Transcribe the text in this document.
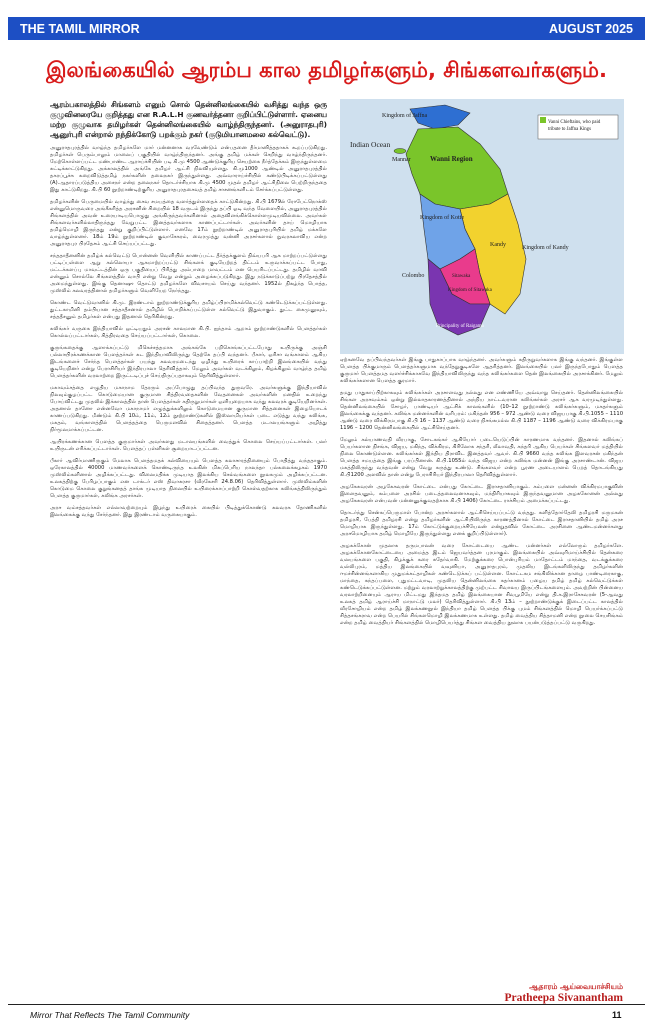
THE TAMIL MIRROR	AUGUST 2025
இலங்கையில் ஆரம்ப கால தமிழர்களும், சிங்களவர்களும்.

ஆரம்பகாலத்தில் சிங்களம் எனும் சொல் தென்னிலங்கையில் வசித்து வந்த ஒரு குழுவினரையே குறித்தது என R.A.L.H குணவர்த்தனா குறிப்பிட்டுள்ளார். ஏனைய மற்ற குழுவாக தமிழர்கள் தென்னிலங்கையில் வாழ்ந்திருந்தனர். (அனுராதபுரி) ஆனுர்புரி என்றால் நந்திக்கோடு பறக்கும் நகர் (குடுமியானமலை கல்வெட்டு).

அனுராதபுரத்தில் வாழ்ந்த தமிழர்களே மார் மன்னனாக வரவேண்டும் என்பதனை தீர்மானித்ததாகக் கூறப்படுகிறது. தமிழர்கள் பெரும்பாலும் மாலைப் பகுதியில் வாழ்ந்திருந்தனர். அங்கு தமிழ் மக்கள் செறிந்து வாழ்ந்திருந்தனர். மேற்கொள்ளப்பட்ட மண்பாண்ட ஆராய்ச்சியின் படி கி.மு 4500 ஆண்டுக்குரிய செயற்கை நீர்த்தேக்கம் இருந்துள்ளமை சுட்டிக்காட்டுகிறது. அக்காலத்தில் அங்கே தமிழர் ஆட்சி நிலவியுள்ளது. கி.மு1000 ஆண்டில் அனுராதபுரத்தில் தகரப்பூச்சு கறைவிடுத்தமிழ் நகர்களின் தலைநகர் இருந்துள்ளது. அவ்வாராய்ச்சியில் கண்டுபிடிக்கப்பட்டுள்ளது (A).ஆதாரப்படுத்திய அசைநர் என்ற தலைநகர் தொடர்ச்சியாக கி.மு 4500 முதல் தமிழர் ஆட்சிநிலை பெற்றிருந்ததை இது காட்டுகிறது. கி.பி 60 நூற்றாண்டிற்குரிய அனுராதபுரதசைவத் தமிழ் சாசனங்களிடம் சேர்க்கப்பட்டுள்ளது.

தமிழர்களின் பெருமையில் வாழ்ந்து சைவ சமயத்தை வளர்த்துள்ளதைக் காட்டுகின்றது. கி.பி 1679ல் ரோபேட்நொக்ஸ் என்னுமொருவரை அங்கீகரித்த அரசனின் சிறையில் 18 வருடம் இருந்து தப்பி ஓடி வந்த வேளையில், அனுராதபுரத்தில் சிங்களத்தில் அவன் உரையாடியபொழுது அங்கிருந்தவர்களினால் அதைவிளங்கிக்கொள்ளமுடியவில்லை. அவர்கள் சிங்களவர்களில்லாதிருந்தது வேறுபட்ட இனத்தவர்களாக காணப்பட்டார்கள். அவர்களின் தாய் மொழியாக தமிழ்மொழி இருந்தது என்று குறிப்பிட்டுள்ளார். எனவே 17ம் நூற்றாண்டில் அனுராதபுரியில் தமிழ் மக்களே வாழ்ந்துள்ளனர். 18ம் 19ம் நூற்றாண்டில் குவாசேகரம், வைரமுத்து வன்னி அரசர்களால் நுவரகலாவிய என்ற அனுராதபுர பிரதேசம் ஆட்சி செய்யப்பட்டது.

சந்ததாதீனனின் தமிழ்க் கல்வெட்டு பொன்னன் வெளியில் காணப்பட்ட தீர்த்தக்குளம் திவ்யபரி ஆக மாற்றப்பட்டுள்ளது பட்டிப்பள்ளை ஆறு கல்லொயா ஆகமாற்றப்பட்டு சிங்களக் குடியேற்றத் திட்டம் உருவாக்கப்பட்ட போது, மட்டக்களப்பு மாவட்டத்தின் ஒரு பகுதியைப் பிரித்து அம்பாறை மாவட்டம் என பெயரிடப்பட்டது. தமிழில் வாவி என்னும் சொல்லே சிங்களத்தில் வாபி என்று வேறு என்றும் அழைக்கப்படுகிறது. இது நடுக்காடுப்பற்று பிரதேசத்தில் அமைந்துள்ளது. இங்கு தெனாஷு தொட்டு தமிழர்களே விவசாயம் செய்து வந்தனர். 1952ல் நிகழ்ந்த பொத்த, முஸ்லிம் கலவரத்தினால் தமிழர்களும் வெளியேற நேர்ந்தது.

கொண்ட வெட்டுவானில் கி.மு. இரண்டாம் நூற்றாண்டுக்குரிய தமிழ்ப்பிராமிக்கல்வெட்டு கண்டெடுக்கப்பட்டுள்ளது. துட்டகாமினி தம்பியான சத்தாதீசனால் தமிழில் பொறிக்கப்பட்டுள்ள கல்வெட்டு இதுவாகும். துட்ட கைமுனுவும், சத்ததீசனும் தமிழர்கள் என்பது இதனால் தெரிகின்றது.

கலிங்கர் வருகை இந்தியாவில் ஒட்டியதும் அரசன் காலமான கி.பி. ஐந்தாம் ஆறாம் நூற்றாண்டுகளில் பௌத்தர்கள் கொல்லப்பட்டார்கள், சித்திரவதை செய்யப்பட்டார்கள், கொலை.

குருங்கதைக்கு ஆளாக்கப்பட்டு மிகெச்சத்தமாக அங்கங்கே பறிகொங்கப்பட்டபோது உயிருக்கு அஞ்சி பல்லாயிரக்கணக்கான பௌத்தர்கள் கட இந்தியாவிலிருந்து தெற்கே தப்பி வந்தனர். பீகார், ஒரிசா வங்காளம் ஆகிய இடங்களைச் சேர்ந்த பௌத்தர்கள் பயந்து கலவரமடைந்து ஒழிந்து உயிரைக் காப்பாற்றி இலங்கையில் வந்து குடியேறினர் என்று பேராசிரியர் இந்திரபாலா தெரிவித்தார். மேலும் அவர்கள் வடக்கிலும், கிழக்கிலும் வாழ்ந்த தமிழ் பௌத்தர்களின் வரலாற்றை இருட்டடிப்புச் செய்திருப்பதாகவும் தெரிவித்துள்ளார்.

மகாவம்சத்தை எழுதிய மகாநாம தேரரும் அப்போழுது தப்பிவந்த துருவரே. அவர்களுக்கு இந்தியாவில் நிலவும்குழப்பட்ட கொடுமையான குருமான சித்திரவதைகளின் வேதனைகள் அவர்களின் மனதில் உறைந்து போய்விட்டது முதலில் இக்காலத்தில் தான் பௌத்தர்கள் கதிருறுமார்கள் ஒளியுறையாக வந்து கலவரக் குடியேறினர்கள். அதனால் தானோ என்னவோ மகாநாமர் எழுத்துக்களிலும் கொடுமையான குருமான சித்தனைகள் இழையோடக் காணப்படுகிறது. மீண்டும் கி.பி 10ம், 11ம், 12ம் நூற்றாண்டுகளில் இஸ்லாமியர்கள் படை எடுத்து வந்து கலிங்க, மகதம், வங்காளத்தில் பௌத்தத்தை பெருமளவில் சிதைத்தனர். பௌத்த மடாலயங்களும் அழித்து நிர்மூலமாக்கப்பட்டன.

ஆயிரக்கணக்கான பௌத்த குருமார்கள் அவர்களது மடாலயங்களில் வைத்துக் கொலை செய்யப்பட்டார்கள். பலர் உயிருடன் எரிக்கப்பட்டார்கள். பௌத்தப் பள்ளிகள் சூறையாடப்பட்டன.

பீகார் ஆவிர்மாணிருகும் மேலாக பௌத்தமதக் கல்வியையும் பௌத்த கலாசாரத்தினையும் போதித்து வந்ததாகும். ஒரேகாலத்தில் 40000 மாணவர்களைக் கொண்டிருந்த உலகின் மிகப்பெரிய நாலந்தா பல்கலைக்கழகம் 1970 முஸ்லிம்களினால் அழிக்கப்பட்டது. விலைமதிக்க முடியாத இலக்கிய செல்வங்களை நூலகமும் அழிக்கப்பட்டன. உலகத்திற்கு பேரிழப்பாகும் என டாக்டர் எஸ் திவாகரசா (வீரகேசரி 24.8.06) தெரிவித்துள்ளார். முஸ்லிம்களின் கொடுமை கொலை குறுங்கனதத் தாங்க முடியாத நிலையில் உயிரைக்காப்பாற்றி கொள்வதற்காக கலிங்கத்திலிருந்தும் பௌத்த குருமார்கள், கலிங்க அரசர்கள்.

அரச வம்சத்தவர்கள் எல்லாவற்றையும் இழந்து உயிரைக் கையில் பிடித்துக்கொண்டு கலவரக தோணிகளில் இலங்கைக்கு வந்து சேர்ந்தனர். இது இரண்டாம் வருகையாகும்.

Kingdom of Jaffna
Vanni Chieftains, who paid
tribute to Jaffna Kings
Indian Ocean
Wanni Region
Mannar
Kingdom of Kandy
Kingdom of Kotte
Kandy
Colombo	Sitawaka
Kingdom of Sitawaka
Principality of Raigama

ஏற்கனவே தப்பிவந்தவர்கள் இங்கு பாதுகாப்பாக வாழ்ந்தனர். அவர்களும் கதிருறுவர்களாக இங்கு வந்தனர். இங்குள்ள பௌத்த பிக்குமாரும் பௌத்தர்களுமாக வந்தேறுகுடிகளே ஆதரித்தனர். இலங்கையில் பலர் இருந்தபோதும் பௌத்த குருமார் பௌத்தமத வளர்ச்சிக்காகவே இந்தியாவிலிருந்து வந்த கலிங்கர்களை தென் இலங்கையில் அரசாக்கினர். மேலும் கலிங்கர்களான பௌத்த குரமார்.

தமது பாதுகாப்பிற்காகவும் கலிங்கர்கள் அரசாளவது நல்லது என எண்ணியே அவ்வாறு செய்தனர். தென்னிலங்கையில் சிங்கள அரசவம்சம் ஒன்று இல்லாதகாரணத்தினால் அந்நிய நாட்டவரான கலிங்கர்கள் அரசர் ஆக வரமுடிந்துள்ளது. தென்னிலங்கையில் சோழர், பாண்டியர் ஆட்சிக் காலங்களில் (10–12 நூற்றாண்டு கலிங்கர்களும், மகதர்களும் இலங்கைக்கு வந்தனர். கலிங்க மன்னர்களின் வரிபரம்: மகிந்தன் 956 – 972 ஆண்டு வரை விஜயபாகு கி.பி.1055 – 1110 ஆண்டு வரை விக்கிரமபாகு கி.பி 16 – 1137 ஆண்டு வரை நிசங்கமல்ல கி.பி 1187 – 1196 ஆண்டு வரை விக்கிரமபாகு 1196 – 1200 தென்னிலங்கையில் ஆட்சிசெய்தனர்.

மேலும் கல்யாணவதி வீரபாகு, சோடகங்கர் ஆகியோர் படையெடுப்பின் காரணமாக வந்தனர். இதனால் கலிங்கப் பெயர்களான நிசங்க, விஜய, மகிந்த, விக்கிரம, கிரிலோக சந்தரி, லீலாவதி, சுந்தரி ஆகிய பெயர்கள் சிங்களவர் மத்தியில் நிலை கொண்டுள்ளன. கலிங்கர்கள் இந்திய திராவிட இனத்தவர் ஆவர். கி.பி 9660 வந்த கலிங்க இளவரசன் மகிந்தன் பௌத்த சமயத்தை இங்கு பரப்பினான். கி.பி.1055ல் வந்த விஜய என்ற கலிங்க மன்னன் இங்கு அரசாண்டான். விஜய மகத்திலிருந்து வந்தவன் என்று வேறு கருத்து உண்டு. சிங்களவர் என்ற பூரண அடையாளம் பெறத் தொடங்கியது கி.பி1200 அளவில் தான் என்று பேராசிரியர் இந்திரபாலா தெரிவித்துள்ளார்.

அழகேசுவரன் அழகேசுவரன் கோட்டை என்பது கோட்டை இராசதானியாகும். கம்பளை மன்னன் விக்கிரமபாகுவின் இளைதவனும், கம்பளை அரசில் படைத்தலைவனாகவும், மந்திரியாகவும் இருந்தவனுமான அழககோனன் அல்லது அழகேசுவரன் என்பவன் மன்னனுக்குவதற்காக கி.பி 1406) கோட்டை ராச்சியம் அமைக்கப்பட்டது.

தொடர்ந்து சென்கப்பெருமாள் போன்ற அரசர்களால் ஆட்சிசெய்யப்பட்டு வந்தது. சுளித்தோர்தேலி தமிழரசி மருமகன் தமிழரசி, பேத்தி தமிழரசி என்று தமிழர்களின் ஆட்சியிலிருந்த காரணத்தினால் கோட்டை இராசதானியில் தமிழ் அரச மொழியாக இருந்துள்ளது. 17ம் கோட்டுக்குறையச்சியேலன் என்றுதவில் கோட்டை அரசினை ஆண்டமன்னர்களது அரசமொழியாக தமிழ் மொழியே இருந்துள்ளது எனக் குறிப்பிடுள்ளார்).

அழகக்கோன் முதலாக தருமபாலன் வரை கோட்டையை ஆண்ட மன்னர்கள் எல்லோரும் தமிழர்களே. அழகக்கோனகோட்டையை அமைத்த இடம் ஜெயவர்த்தன புரமாகும். இலங்கையில் அவ்வுரிமாய்ச்சியில் தென்கரை வலயங்களை பகுதி, கிழக்குக் கரை சுதேர்வாகி. மேற்குக்கரை பொன்புரியம் மாதோட்டம் மாந்தை, வடக்குக்கரை வல்லிபுரம், மத்திய இலங்கையில் வவுனியா, அனுராதபுரம், முதலிய இடங்களிலிருந்து தமிழர்களின் ஈமச்சின்னங்களாகிய முதுமக்கட்தாழிகள் கண்டெடுக்கப் பட்டுள்ளன. கோட்டகம சங்கிலிக்கான தாழை பாண்டிரைகாகு, மாந்தை, கந்தப்பளை, புதுமட்டவாடி, முதலிய தென்னிலங்கை கதர்கானம் பழைய தமிழ் தமிழ் கல்வெட்டுக்கள் கண்டெடுக்கப்பட்டுள்ளன. மற்றும் வரலாற்றுக்காலத்திற்கு முற்பட்ட சிவாலய இருப்பிடங்களையும். அவற்றின் பின்னைய வரலாற்றினையும் ஆராய மிட்டமது இந்தமத தமிழ் இலங்கையான சிவபூமியே என்று தி.க.இராசேசுவரன் (5-ஆவது உலகத் தமிழ் ஆராய்ச்சி மாநாட்டு மலர்) தெரிவித்துள்ளார். கி.பி 13ம் – நூற்றாண்டுக்குக் இடைப்பட்ட காலத்தில் வீரசோழியம் என்ற தமிழ் இலக்கணநூல் இந்தியா தமிழ் பௌத்த பிக்கு புமம் சிங்களத்தில் மொழி பெயர்க்கப்பட்டு சித்தசங்கராவ என்ற பெயரில் சிங்களமொழி இலக்கணமாக உள்ளது. தமிழ் வைத்திய சித்தாமனி என்ற நூலை செயசிங்கம் என்ற தமிழ் வைத்தியர் சிங்களத்தில் மொழிபெயர்த்து சிங்கள வைத்திய நூலாக பயன்படுத்தப்பட்டு வருகிறது.

ஆதாரம் ஆய்வையாச்சியம்
Pratheepa Sivanantham
Mirror That Reflects The Tamil Community	11
